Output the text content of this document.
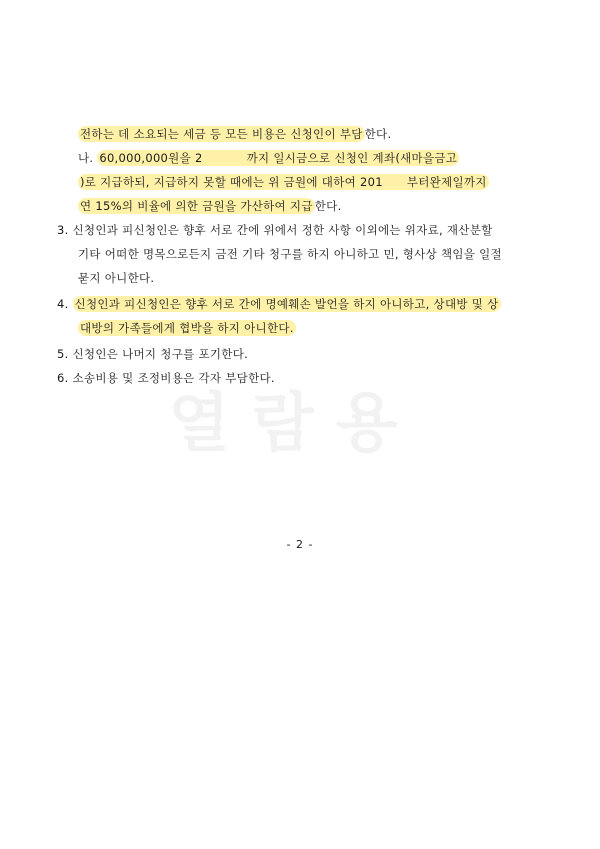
열람용
전하는 데 소요되는 세금 등 모든 비용은 신청인이 부담 한다.
나. 60,000,000원을 2	까지 일시금으로 신청인 계좌(새마을금고
)로 지급하되, 지급하지 못할 때에는 위 금원에 대하여 201 부터완제일까지
연 15%의 비율에 의한 금원을 가산하여 지급 한다.
3. 신청인과 피신청인은 향후 서로 간에 위에서 정한 사항 이외에는 위자료, 재산분할
기타 어떠한 명목으로든지 금전 기타 청구를 하지 아니하고 민, 형사상 책임을 일절
묻지 아니한다.
4. 신청인과 피신청인은 향후 서로 간에 명예훼손 발언을 하지 아니하고, 상대방 및 상
대방의 가족들에게 협박을 하지 아니한다.
5. 신청인은 나머지 청구를 포기한다.
6. 소송비용 및 조정비용은 각자 부담한다.
- 2 -
